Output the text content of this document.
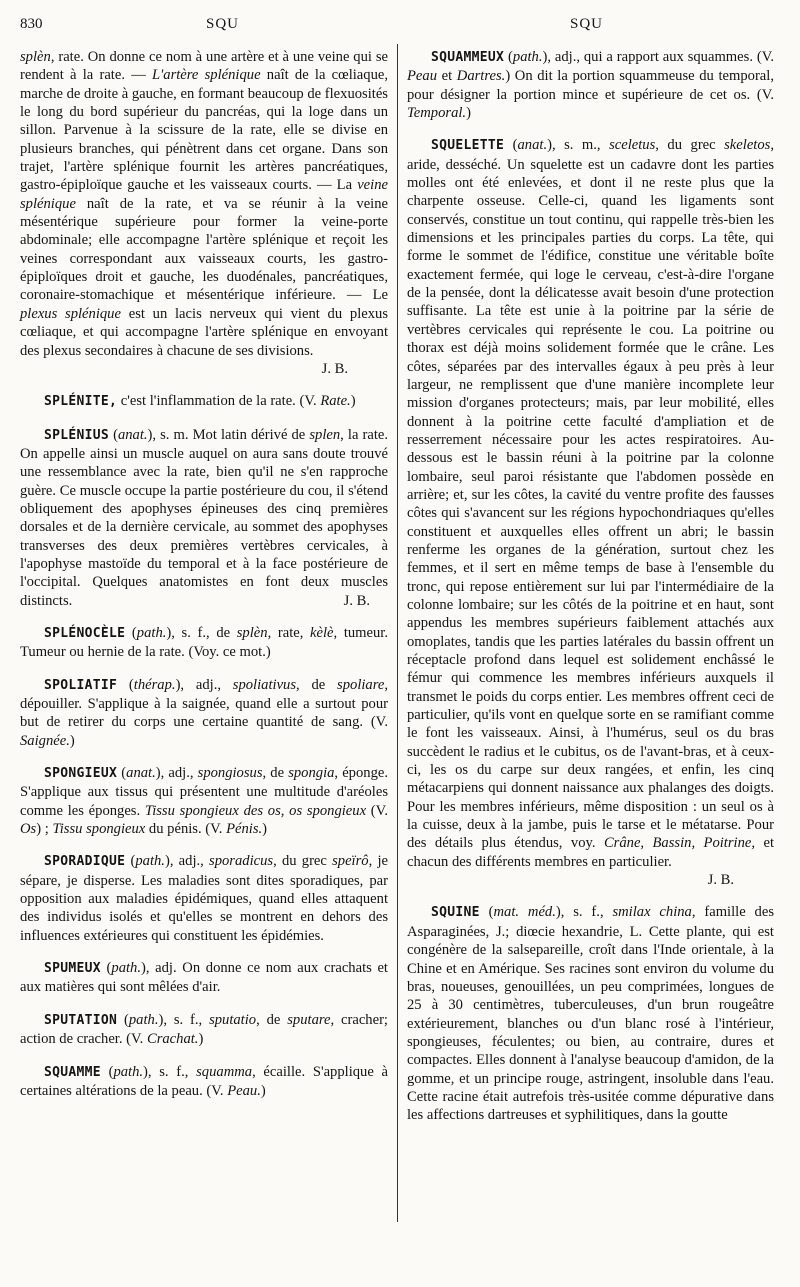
830	SQU	SQU

splèn, rate. On donne ce nom à une artère et à une veine qui se rendent à la rate. — L'artère splénique naît de la cœliaque, marche de droite à gauche, en formant beaucoup de flexuosités le long du bord supérieur du pancréas, qui la loge dans un sillon. Parvenue à la scissure de la rate, elle se divise en plusieurs branches, qui pénètrent dans cet organe. Dans son trajet, l'artère splénique fournit les artères pancréatiques, gastro-épiploïque gauche et les vaisseaux courts. — La veine splénique naît de la rate, et va se réunir à la veine mésentérique supérieure pour former la veine-porte abdominale; elle accompagne l'artère splénique et reçoit les veines correspondant aux vaisseaux courts, les gastro-épiploïques droit et gauche, les duodénales, pancréatiques, coronaire-stomachique et mésentérique inférieure. — Le plexus splénique est un lacis nerveux qui vient du plexus cœliaque, et qui accompagne l'artère splénique en envoyant des plexus secondaires à chacune de ses divisions.
J. B.

SPLÉNITE, c'est l'inflammation de la rate. (V. Rate.)

SPLÉNIUS (anat.), s. m. Mot latin dérivé de splen, la rate. On appelle ainsi un muscle auquel on aura sans doute trouvé une ressemblance avec la rate, bien qu'il ne s'en rapproche guère. Ce muscle occupe la partie postérieure du cou, il s'étend obliquement des apophyses épineuses des cinq premières dorsales et de la dernière cervicale, au sommet des apophyses transverses des deux premières vertèbres cervicales, à l'apophyse mastoïde du temporal et à la face postérieure de l'occipital. Quelques anatomistes en font deux muscles distincts.	J. B.

SPLÉNOCÈLE (path.), s. f., de splèn, rate, kèlè, tumeur. Tumeur ou hernie de la rate. (Voy. ce mot.)

SPOLIATIF (thérap.), adj., spoliativus, de spoliare, dépouiller. S'applique à la saignée, quand elle a surtout pour but de retirer du corps une certaine quantité de sang. (V. Saignée.)

SPONGIEUX (anat.), adj., spongiosus, de spongia, éponge. S'applique aux tissus qui présentent une multitude d'aréoles comme les éponges. Tissu spongieux des os, os spongieux (V. Os) ; Tissu spongieux du pénis. (V. Pénis.)

SPORADIQUE (path.), adj., sporadicus, du grec speïrô, je sépare, je disperse. Les maladies sont dites sporadiques, par opposition aux maladies épidémiques, quand elles attaquent des individus isolés et qu'elles se montrent en dehors des influences extérieures qui constituent les épidémies.

SPUMEUX (path.), adj. On donne ce nom aux crachats et aux matières qui sont mêlées d'air.

SPUTATION (path.), s. f., sputatio, de sputare, cracher; action de cracher. (V. Crachat.)

SQUAMME (path.), s. f., squamma, écaille. S'applique à certaines altérations de la peau. (V. Peau.)

SQUAMMEUX (path.), adj., qui a rapport aux squammes. (V. Peau et Dartres.) On dit la portion squammeuse du temporal, pour désigner la portion mince et supérieure de cet os. (V. Temporal.)

SQUELETTE (anat.), s. m., sceletus, du grec skeletos, aride, desséché. Un squelette est un cadavre dont les parties molles ont été enlevées, et dont il ne reste plus que la charpente osseuse. Celle-ci, quand les ligaments sont conservés, constitue un tout continu, qui rappelle très-bien les dimensions et les principales parties du corps. La tête, qui forme le sommet de l'édifice, constitue une véritable boîte exactement fermée, qui loge le cerveau, c'est-à-dire l'organe de la pensée, dont la délicatesse avait besoin d'une protection suffisante. La tête est unie à la poitrine par la série de vertèbres cervicales qui représente le cou. La poitrine ou thorax est déjà moins solidement formée que le crâne. Les côtes, séparées par des intervalles égaux à peu près à leur largeur, ne remplissent que d'une manière incomplete leur mission d'organes protecteurs; mais, par leur mobilité, elles donnent à la poitrine cette faculté d'ampliation et de resserrement nécessaire pour les actes respiratoires. Au-dessous est le bassin réuni à la poitrine par la colonne lombaire, seul paroi résistante que l'abdomen possède en arrière; et, sur les côtes, la cavité du ventre profite des fausses côtes qui s'avancent sur les régions hypochondriaques qu'elles constituent et auxquelles elles offrent un abri; le bassin renferme les organes de la génération, surtout chez les femmes, et il sert en même temps de base à l'ensemble du tronc, qui repose entièrement sur lui par l'intermédiaire de la colonne lombaire; sur les côtés de la poitrine et en haut, sont appendus les membres supérieurs faiblement attachés aux omoplates, tandis que les parties latérales du bassin offrent un réceptacle profond dans lequel est solidement enchâssé le fémur qui commence les membres inférieurs auxquels il transmet le poids du corps entier. Les membres offrent ceci de particulier, qu'ils vont en quelque sorte en se ramifiant comme le font les vaisseaux. Ainsi, à l'humérus, seul os du bras succèdent le radius et le cubitus, os de l'avant-bras, et à ceux-ci, les os du carpe sur deux rangées, et enfin, les cinq métacarpiens qui donnent naissance aux phalanges des doigts. Pour les membres inférieurs, même disposition : un seul os à la cuisse, deux à la jambe, puis le tarse et le métatarse. Pour des détails plus étendus, voy. Crâne, Bassin, Poitrine, et chacun des différents membres en particulier.
J. B.

SQUINE (mat. méd.), s. f., smilax china, famille des Asparaginées, J.; diœcie hexandrie, L. Cette plante, qui est congénère de la salsepareille, croît dans l'Inde orientale, à la Chine et en Amérique. Ses racines sont environ du volume du bras, noueuses, genouillées, un peu comprimées, longues de 25 à 30 centimètres, tuberculeuses, d'un brun rougeâtre extérieurement, blanches ou d'un blanc rosé à l'intérieur, spongieuses, féculentes; ou bien, au contraire, dures et compactes. Elles donnent à l'analyse beaucoup d'amidon, de la gomme, et un principe rouge, astringent, insoluble dans l'eau. Cette racine était autrefois très-usitée comme dépurative dans les affections dartreuses et syphilitiques, dans la goutte
